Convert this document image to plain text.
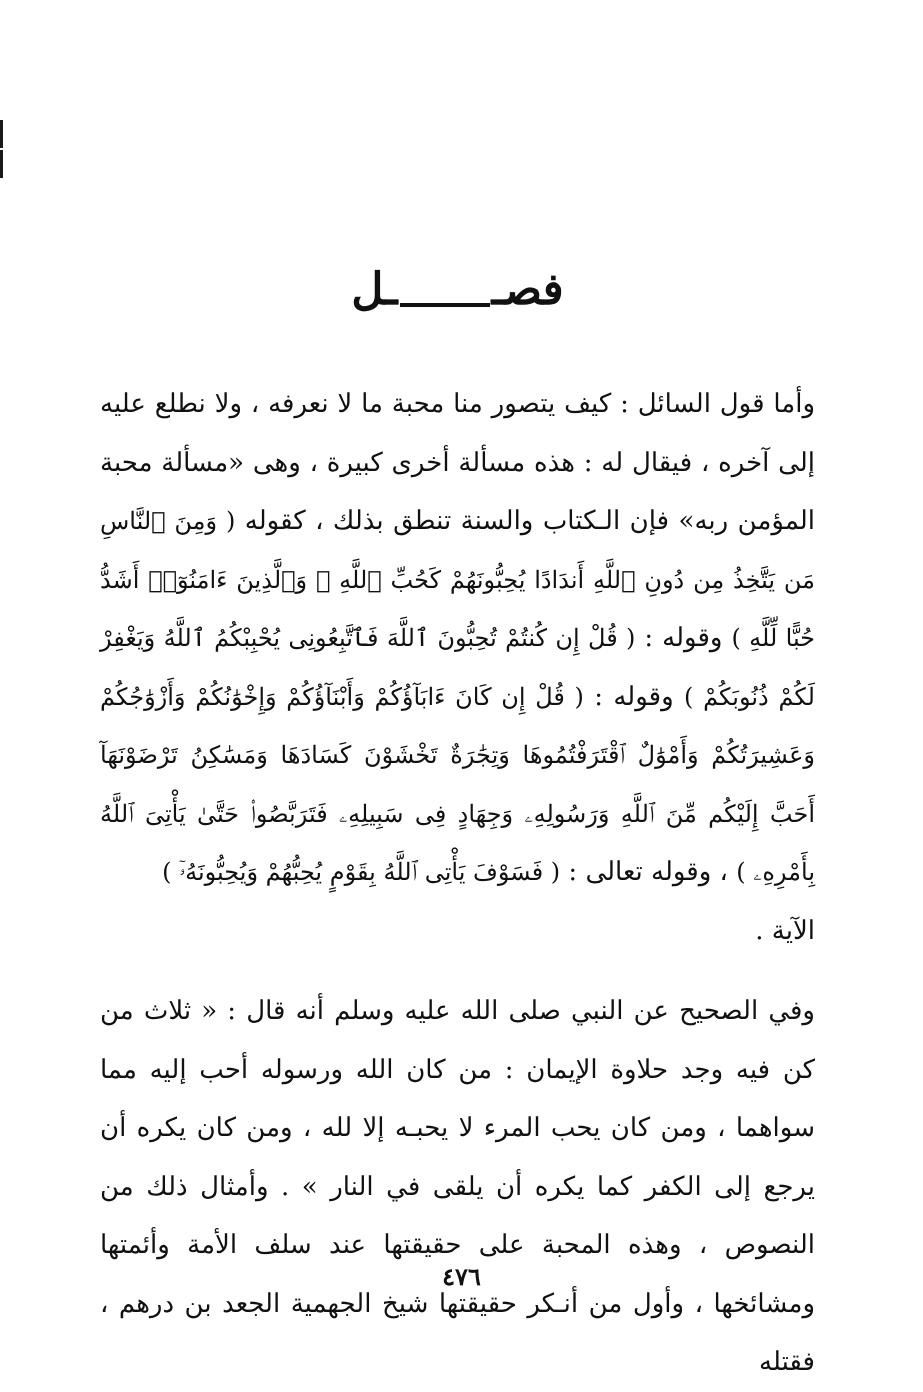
فصــل

وأما قول السائل : كيف يتصور منا محبة ما لا نعرفه ، ولا نطلع عليه إلى آخره ، فيقال له : هذه مسألة أخرى كبيرة ، وهى «مسألة محبة المؤمن ربه» فإن الـكتاب والسنة تنطق بذلك ، كقوله ( وَمِنَ ٱلنَّاسِ مَن يَتَّخِذُ مِن دُونِ ٱللَّهِ أَندَادًا يُحِبُّونَهُمْ كَحُبِّ ٱللَّهِ ۖ وَٱلَّذِينَ ءَامَنُوٓا۟ أَشَدُّ حُبًّا لِّلَّهِ ) وقوله : ( قُلْ إِن كُنتُمْ تُحِبُّونَ ٱللَّهَ فَٱتَّبِعُونِى يُحْبِبْكُمُ ٱللَّهُ وَيَغْفِرْ لَكُمْ ذُنُوبَكُمْ ) وقوله : ( قُلْ إِن كَانَ ءَابَآؤُكُمْ وَأَبْنَآؤُكُمْ وَإِخْوَٰنُكُمْ وَأَزْوَٰجُكُمْ وَعَشِيرَتُكُمْ وَأَمْوَٰلٌ ٱقْتَرَفْتُمُوهَا وَتِجَٰرَةٌ تَخْشَوْنَ كَسَادَهَا وَمَسَٰكِنُ تَرْضَوْنَهَآ أَحَبَّ إِلَيْكُم مِّنَ ٱللَّهِ وَرَسُولِهِۦ وَجِهَادٍ فِى سَبِيلِهِۦ فَتَرَبَّصُوا۟ حَتَّىٰ يَأْتِىَ ٱللَّهُ بِأَمْرِهِۦ ) ، وقوله تعالى : ( فَسَوْفَ يَأْتِى ٱللَّهُ بِقَوْمٍ يُحِبُّهُمْ وَيُحِبُّونَهُۥٓ )
الآية .

وفي الصحيح عن النبي صلى الله عليه وسلم أنه قال : « ثلاث من كن فيه وجد حلاوة الإيمان : من كان الله ورسوله أحب إليه مما سواهما ، ومن كان يحب المرء لا يحبـه إلا لله ، ومن كان يكره أن يرجع إلى الكفر كما يكره أن يلقى في النار » . وأمثال ذلك من النصوص ، وهذه المحبة على حقيقتها عند سلف الأمة وأئمتها ومشائخها ، وأول من أنـكر حقيقتها شيخ الجهمية الجعد بن درهم ، فقتله

٤٧٦
